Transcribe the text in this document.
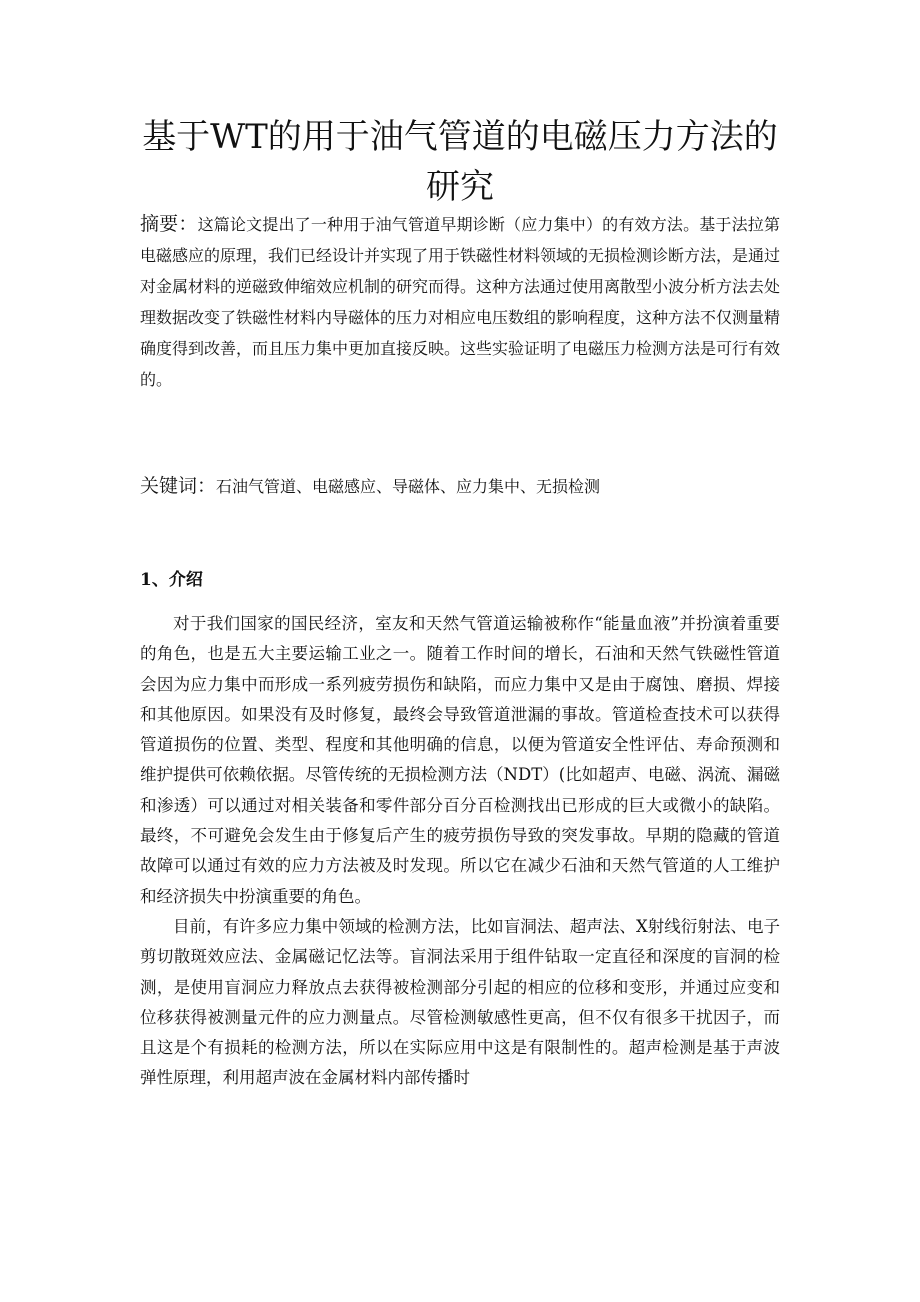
基于WT的用于油气管道的电磁压力方法的研究

摘要：这篇论文提出了一种用于油气管道早期诊断（应力集中）的有效方法。基于法拉第电磁感应的原理，我们已经设计并实现了用于铁磁性材料领域的无损检测诊断方法，是通过对金属材料的逆磁致伸缩效应机制的研究而得。这种方法通过使用离散型小波分析方法去处理数据改变了铁磁性材料内导磁体的压力对相应电压数组的影响程度，这种方法不仅测量精确度得到改善，而且压力集中更加直接反映。这些实验证明了电磁压力检测方法是可行有效的。

关键词：石油气管道、电磁感应、导磁体、应力集中、无损检测

1、介绍

对于我们国家的国民经济，室友和天然气管道运输被称作“能量血液”并扮演着重要的角色，也是五大主要运输工业之一。随着工作时间的增长，石油和天然气铁磁性管道会因为应力集中而形成一系列疲劳损伤和缺陷，而应力集中又是由于腐蚀、磨损、焊接和其他原因。如果没有及时修复，最终会导致管道泄漏的事故。管道检查技术可以获得管道损伤的位置、类型、程度和其他明确的信息，以便为管道安全性评估、寿命预测和维护提供可依赖依据。尽管传统的无损检测方法（NDT）(比如超声、电磁、涡流、漏磁和渗透）可以通过对相关装备和零件部分百分百检测找出已形成的巨大或微小的缺陷。最终，不可避免会发生由于修复后产生的疲劳损伤导致的突发事故。早期的隐藏的管道故障可以通过有效的应力方法被及时发现。所以它在减少石油和天然气管道的人工维护和经济损失中扮演重要的角色。

目前，有许多应力集中领域的检测方法，比如盲洞法、超声法、X射线衍射法、电子剪切散斑效应法、金属磁记忆法等。盲洞法采用于组件钻取一定直径和深度的盲洞的检测，是使用盲洞应力释放点去获得被检测部分引起的相应的位移和变形，并通过应变和位移获得被测量元件的应力测量点。尽管检测敏感性更高，但不仅有很多干扰因子，而且这是个有损耗的检测方法，所以在实际应用中这是有限制性的。超声检测是基于声波弹性原理，利用超声波在金属材料内部传播时
